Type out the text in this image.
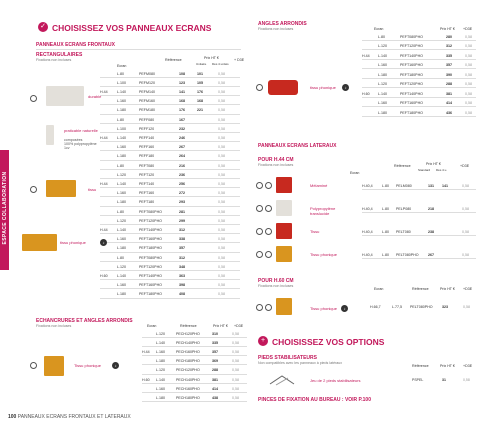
ESPACE COLLABORATION
✓ CHOISISSEZ VOS PANNEAUX ECRANS
PANNEAUX ECRANS FRONTAUX
RECTANGULAIRES
Fixations non incluses
Ecran
Référence	Prix HT €
Unitaire Dès 4 unités
+ D3E
L.80	PEFM080	108	101	0,58
L.100	PEFM120	123	105	0,58
H.44	L.140	PEFM140	141	176	0,58
L.160	PEFM160	168	168	0,58
L.180	PEFM180	176	221	0,58
L.80	PEFF080	167	0,58
L.100	PEFF120	232	0,58
H.44	L.140	PEFF140	246	0,58
L.160	PEFF160	267	0,58
L.180	PEFF180	264	0,58
L.80	PEFT080	216	0,58
L.120	PEFT120	236	0,58
H.44	L.140	PEFT140	256	0,58
L.160	PEFT160	272	0,58
L.180	PEFT180	293	0,58
L.80	PEFT080PHO	281	0,58
L.120	PEFT120PHO	299	0,58
H.44	L.140	PEFT140PHO	312	0,58
L.160	PEFT160PHO	338	0,58
L.180	PEFT180PHO	357	0,58
L.80	PEFT080PHO	312	0,58
L.120	PEFT120PHO	348	0,58
H.60	L.140	PEFT140PHO	363	0,58
L.160	PEFT160PHO	398	0,58
L.180	PEFT180PHO	408	0,58
durable
praticable naturelle
composées
100% polypropylène
1cv
tissu
tissu phonique	♪
ECHANCRURES ET ANGLES ARRONDIS
Fixations non incluses	Ecran	Référence	Prix HT € +D3E
L.120	PECH120PHO	310	0,58
L.140	PECH140PHO	335	0,58
H.44 L.160	PECH160PHO	357	0,58
L.180	PECH180PHO	369	0,58
L.120	PECH120PHO	288	0,58
H.60 L.140	PECH140PHO	381	0,58
L.160	PECH160PHO	414	0,58
L.180	PECH180PHO	438	0,58
Tissu phonique	♪
ANGLES ARRONDIS
Fixations non incluses	Ecran	Prix HT € +D3E
L.80	PEFT080PHO	280	0,58
L.120	PEFT120PHO	312	0,58
H.44 L.140	PEFT140PHO	335	0,58
L.160	PEFT160PHO	357	0,58
L.180	PEFT180PHO	390	0,58
L.120	PEFT120PHO	288	0,58
H.60 L.140	PEFT140PHO	381	0,58
L.160	PEFT160PHO	414	0,58
L.180	PEFT180PHO	436	0,58
tissu phonique	♪
PANNEAUX ECRANS LATERAUX
POUR H.44 CM
Fixations non incluses
Ecran
Référence	Prix HT €
Standard Dès 4 u.
+D3E
Mélaminé	H.40,4	L.80 PELM080	131 141	0,58
Polypropylène translucide
H.40,4	L.80 PELP080	218	0,58
Tissu	H.40,4	L.80 PELT080	238	0,58
Tissu phonique	H.40,4	L.80 PELT080PHO	267	0,58
POUR H.60 CM
Fixations non incluses
Ecran	Référence	Prix HT € +D3E
Tissu phonique	♪	H.66,7	L.77,5 PELT080PHO	323	0,58
+ CHOISISSEZ VOS OPTIONS
PIEDS STABILISATEURS
Non compatibles avec les panneaux à pieds latéraux
Référence	Prix HT € +D3E
Jeu de 2 pieds stabilisateurs	PSPEL	31	0,58
PINCES DE FIXATION AU BUREAU : VOIR P.100
100 PANNEAUX ECRANS FRONTAUX ET LATERAUX
